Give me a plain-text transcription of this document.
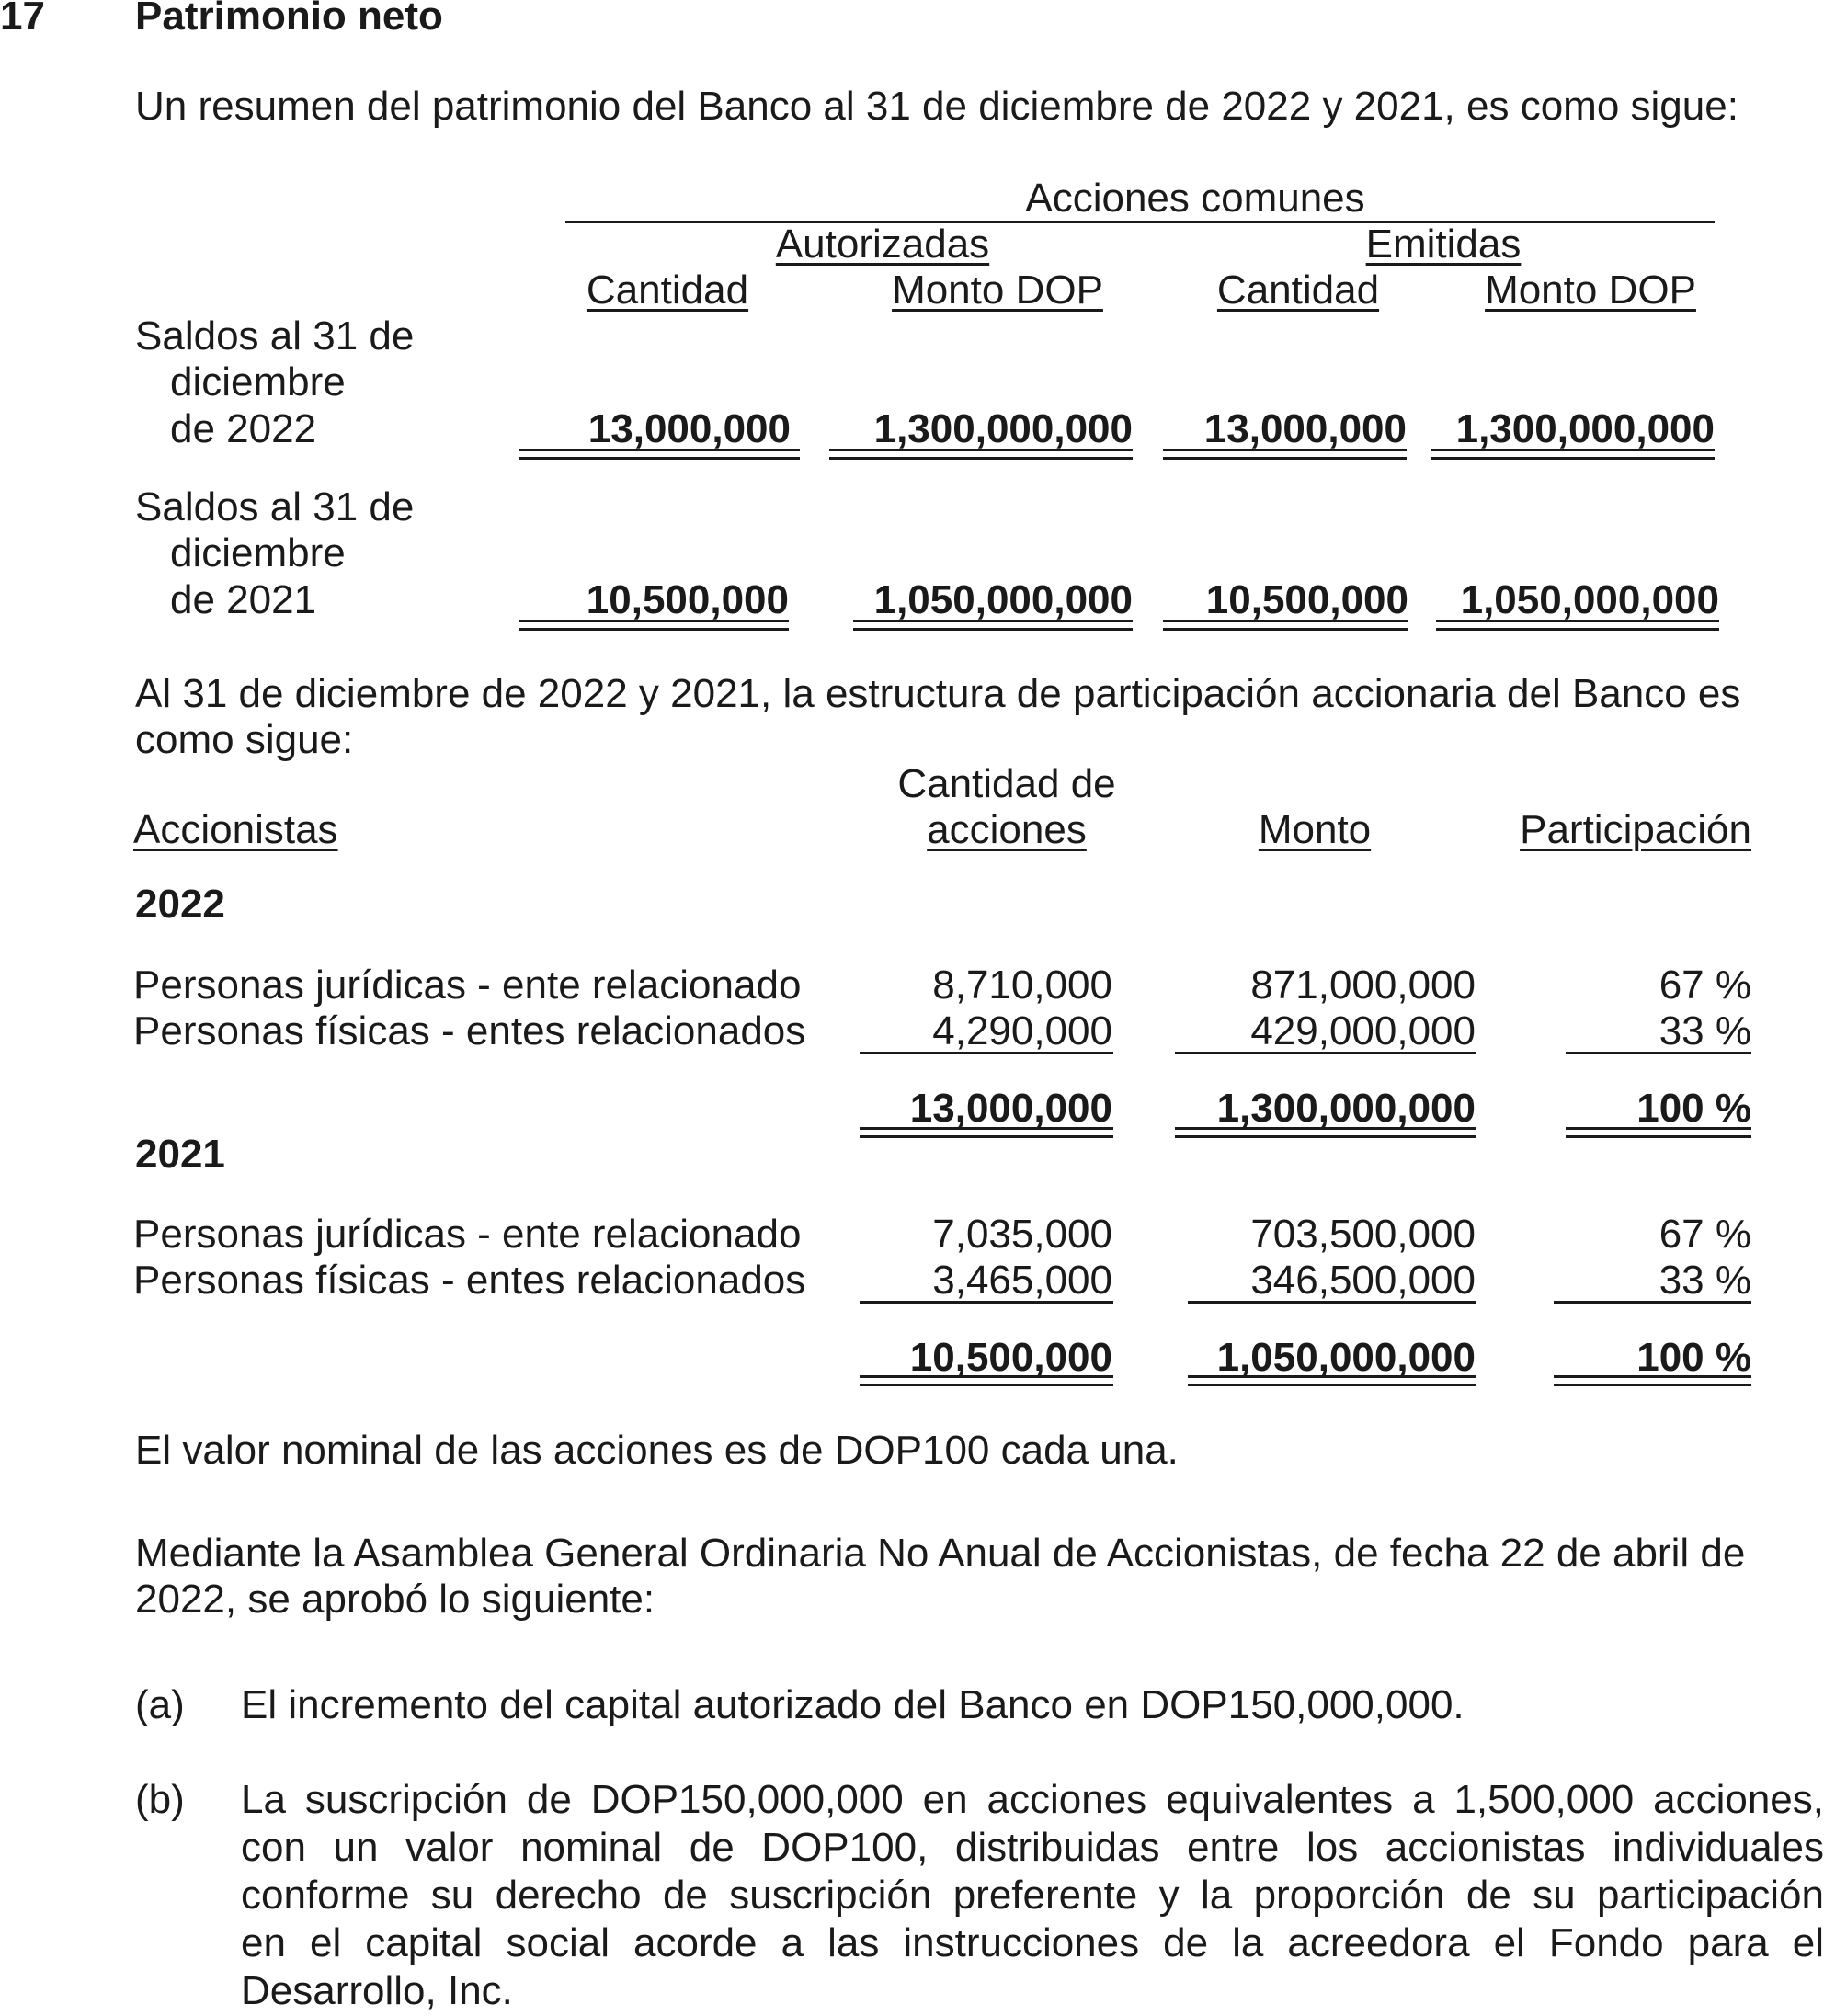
17 Patrimonio neto
Un resumen del patrimonio del Banco al 31 de diciembre de 2022 y 2021, es como sigue:
Acciones comunes
Autorizadas	Emitidas
Cantidad	Monto DOP	Cantidad	Monto DOP
Saldos al 31 de
diciembre
de 2022	13,000,000	1,300,000,000	13,000,000	1,300,000,000
Saldos al 31 de
diciembre
de 2021	10,500,000	1,050,000,000	10,500,000	1,050,000,000
Al 31 de diciembre de 2022 y 2021, la estructura de participación accionaria del Banco es
como sigue:
Accionistas
Cantidad de
acciones	Monto	Participación
2022
Personas jurídicas - ente relacionado	8,710,000	871,000,000	67 %
Personas físicas - entes relacionados	4,290,000	429,000,000	33 %
13,000,000	1,300,000,000	100 %
2021
Personas jurídicas - ente relacionado	7,035,000	703,500,000	67 %
Personas físicas - entes relacionados	3,465,000	346,500,000	33 %
10,500,000	1,050,000,000	100 %
El valor nominal de las acciones es de DOP100 cada una.
Mediante la Asamblea General Ordinaria No Anual de Accionistas, de fecha 22 de abril de
2022, se aprobó lo siguiente:
(a) El incremento del capital autorizado del Banco en DOP150,000,000.
(b) La suscripción de DOP150,000,000 en acciones equivalentes a 1,500,000 acciones,
con un valor nominal de DOP100, distribuidas entre los accionistas individuales
conforme su derecho de suscripción preferente y la proporción de su participación
en el capital social acorde a las instrucciones de la acreedora el Fondo para el
Desarrollo, Inc.
